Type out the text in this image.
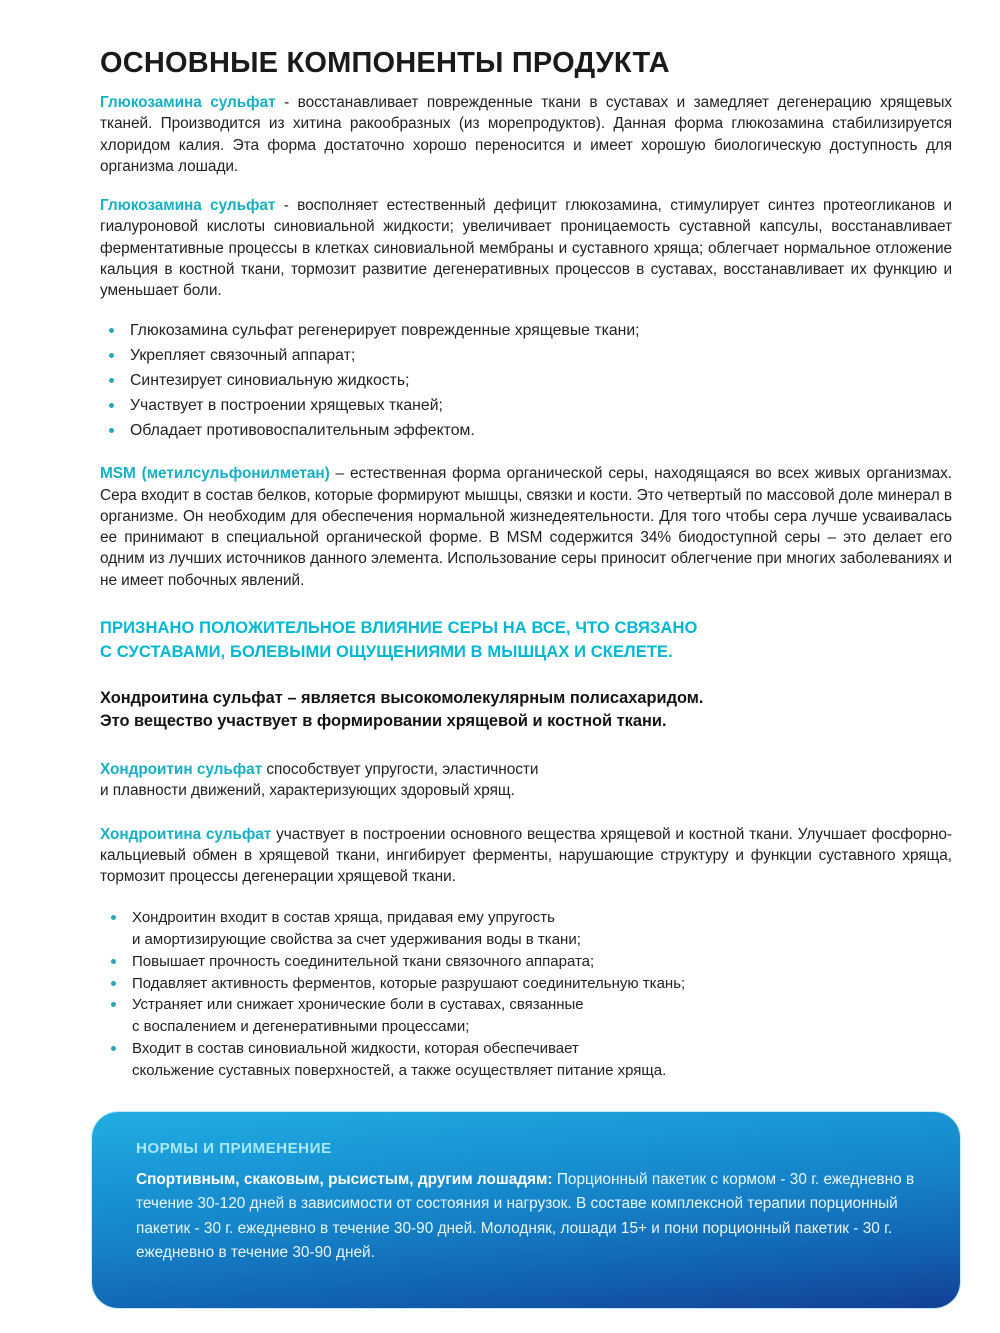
ОСНОВНЫЕ КОМПОНЕНТЫ ПРОДУКТА

Глюкозамина сульфат - восстанавливает поврежденные ткани в суставах и замедляет дегенерацию хрящевых тканей. Производится из хитина ракообразных (из морепродуктов). Данная форма глюкозамина стабилизируется хлоридом калия. Эта форма достаточно хорошо переносится и имеет хорошую биологическую доступность для организма лошади.

Глюкозамина сульфат - восполняет естественный дефицит глюкозамина, стимулирует синтез протеогликанов и гиалуроновой кислоты синовиальной жидкости; увеличивает проницаемость суставной капсулы, восстанавливает ферментативные процессы в клетках синовиальной мембраны и суставного хряща; облегчает нормальное отложение кальция в костной ткани, тормозит развитие дегенеративных процессов в суставах, восстанавливает их функцию и уменьшает боли.

Глюкозамина сульфат регенерирует поврежденные хрящевые ткани;
Укрепляет связочный аппарат;
Синтезирует синовиальную жидкость;
Участвует в построении хрящевых тканей;
Обладает противовоспалительным эффектом.

MSM (метилсульфонилметан) – естественная форма органической серы, находящаяся во всех живых организмах. Сера входит в состав белков, которые формируют мышцы, связки и кости. Это четвертый по массовой доле минерал в организме. Он необходим для обеспечения нормальной жизнедеятельности. Для того чтобы сера лучше усваивалась ее принимают в специальной органической форме. В MSM содержится 34% биодоступной серы – это делает его одним из лучших источников данного элемента. Использование серы приносит облегчение при многих заболеваниях и не имеет побочных явлений.

ПРИЗНАНО ПОЛОЖИТЕЛЬНОЕ ВЛИЯНИЕ СЕРЫ НА ВСЕ, ЧТО СВЯЗАНО
С СУСТАВАМИ, БОЛЕВЫМИ ОЩУЩЕНИЯМИ В МЫШЦАХ И СКЕЛЕТЕ.
Хондроитина сульфат – является высокомолекулярным полисахаридом.
Это вещество участвует в формировании хрящевой и костной ткани.

Хондроитин сульфат способствует упругости, эластичности
и плавности движений, характеризующих здоровый хрящ.

Хондроитина сульфат участвует в построении основного вещества хрящевой и костной ткани. Улучшает фосфорно-кальциевый обмен в хрящевой ткани, ингибирует ферменты, нарушающие структуру и функции суставного хряща, тормозит процессы дегенерации хрящевой ткани.

Хондроитин входит в состав хряща, придавая ему упругость
и амортизирующие свойства за счет удерживания воды в ткани;
Повышает прочность соединительной ткани связочного аппарата;
Подавляет активность ферментов, которые разрушают соединительную ткань;
Устраняет или снижает хронические боли в суставах, связанные
с воспалением и дегенеративными процессами;
Входит в состав синовиальной жидкости, которая обеспечивает
скольжение суставных поверхностей, а также осуществляет питание хряща.
НОРМЫ И ПРИМЕНЕНИЕ
Спортивным, скаковым, рысистым, другим лошадям: Порционный пакетик с кормом - 30 г. ежедневно в течение 30-120 дней в зависимости от состояния и нагрузок. В составе комплексной терапии порционный пакетик - 30 г. ежедневно в течение 30-90 дней. Молодняк, лошади 15+ и пони порционный пакетик - 30 г. ежедневно в течение 30-90 дней.
